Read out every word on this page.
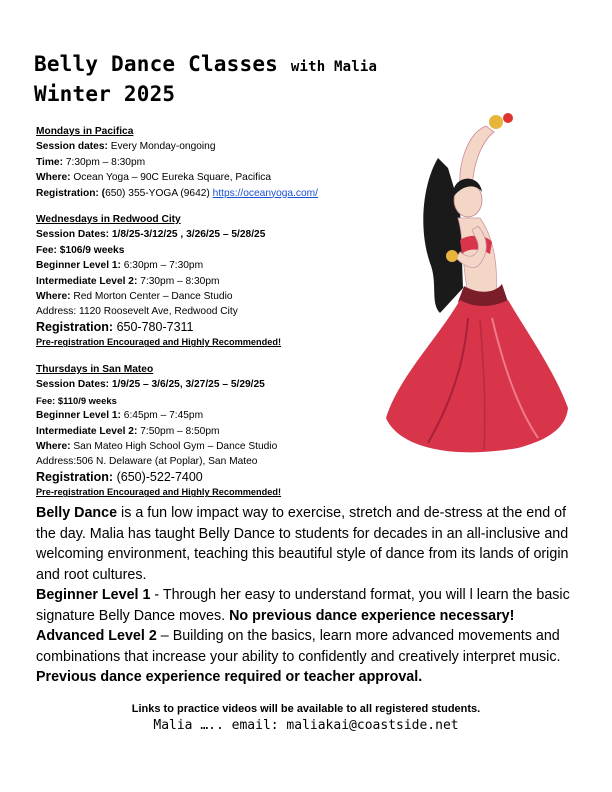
Belly Dance Classes with Malia
Winter 2025
Mondays in Pacifica
Session dates: Every Monday-ongoing
Time: 7:30pm – 8:30pm
Where: Ocean Yoga – 90C Eureka Square, Pacifica
Registration: (650) 355-YOGA (9642) https://oceanyoga.com/
Wednesdays in Redwood City
Session Dates: 1/8/25-3/12/25 , 3/26/25 – 5/28/25
Fee: $106/9 weeks
Beginner Level 1: 6:30pm – 7:30pm
Intermediate Level 2: 7:30pm – 8:30pm
Where: Red Morton Center – Dance Studio
Address: 1120 Roosevelt Ave, Redwood City
Registration: 650-780-7311
Pre-registration Encouraged and Highly Recommended!
Thursdays in San Mateo
Session Dates: 1/9/25 – 3/6/25, 3/27/25 – 5/29/25
Fee: $110/9 weeks
Beginner Level 1: 6:45pm – 7:45pm
Intermediate Level 2: 7:50pm – 8:50pm
Where: San Mateo High School Gym – Dance Studio
Address:506 N. Delaware (at Poplar), San Mateo
Registration: (650)-522-7400
Pre-registration Encouraged and Highly Recommended!

Belly Dance is a fun low impact way to exercise, stretch and de-stress at the end of the day. Malia has taught Belly Dance to students for decades in an all-inclusive and welcoming environment, teaching this beautiful style of dance from its lands of origin and root cultures.

Beginner Level 1 - Through her easy to understand format, you will l learn the basic signature Belly Dance moves. No previous dance experience necessary!

Advanced Level 2 – Building on the basics, learn more advanced movements and combinations that increase your ability to confidently and creatively interpret music. Previous dance experience required or teacher approval.

Links to practice videos will be available to all registered students.
Malia ….. email: maliakai@coastside.net
